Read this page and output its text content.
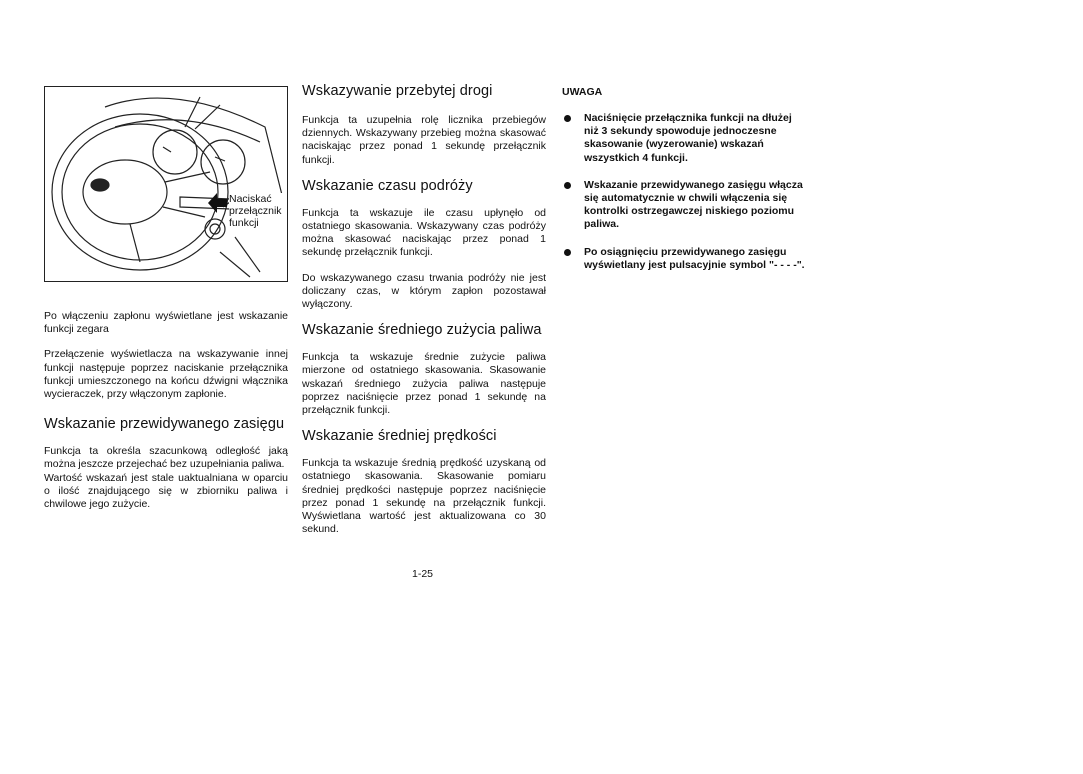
Naciskać
przełącznik
funkcji

Po włączeniu zapłonu wyświetlane jest wskazanie funkcji zegara

Przełączenie wyświetlacza na wskazywanie innej funkcji następuje poprzez naciskanie przełącznika funkcji umieszczonego na końcu dźwigni włącznika wycieraczek, przy włączonym zapłonie.

Wskazanie przewidywanego zasięgu

Funkcja ta określa szacunkową odległość jaką można jeszcze przejechać bez uzupełniania paliwa.

Wartość wskazań jest stale uaktualniana w oparciu o ilość znajdującego się w zbiorniku paliwa i chwilowe jego zużycie.

Wskazywanie przebytej drogi

Funkcja ta uzupełnia rolę licznika przebiegów dziennych. Wskazywany przebieg można skasować naciskając przez ponad 1 sekundę przełącznik funkcji.

Wskazanie czasu podróży

Funkcja ta wskazuje ile czasu upłynęło od ostatniego skasowania. Wskazywany czas podróży można skasować naciskając przez ponad 1 sekundę przełącznik funkcji.

Do wskazywanego czasu trwania podróży nie jest doliczany czas, w którym zapłon pozostawał wyłączony.

Wskazanie średniego zużycia paliwa

Funkcja ta wskazuje średnie zużycie paliwa mierzone od ostatniego skasowania. Skasowanie wskazań średniego zużycia paliwa następuje poprzez naciśnięcie przez ponad 1 sekundę na przełącznik funkcji.

Wskazanie średniej prędkości

Funkcja ta wskazuje średnią prędkość uzyskaną od ostatniego skasowania. Skasowanie pomiaru średniej prędkości następuje poprzez naciśnięcie przez ponad 1 sekundę na przełącznik funkcji. Wyświetlana wartość jest aktualizowana co 30 sekund.

UWAGA
Naciśnięcie przełącznika funkcji na dłużej niż 3 sekundy spowoduje jednoczesne skasowanie (wyzerowanie) wskazań wszystkich 4 funkcji.
Wskazanie przewidywanego zasięgu włącza się automatycznie w chwili włączenia się kontrolki ostrzegawczej niskiego poziomu paliwa.
Po osiągnięciu przewidywanego zasięgu wyświetlany jest pulsacyjnie symbol "- - - -".
1-25
